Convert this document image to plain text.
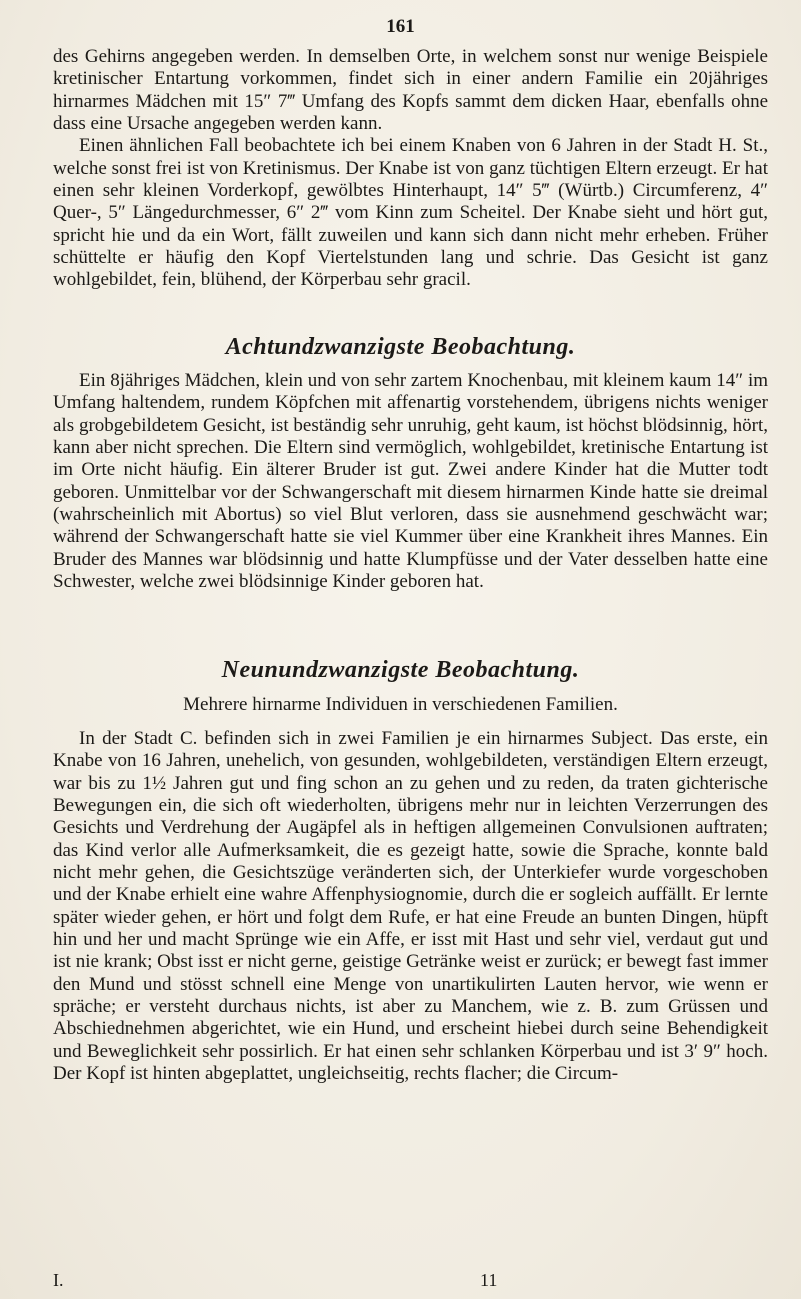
161

des Gehirns angegeben werden. In demselben Orte, in welchem sonst nur wenige Beispiele kretinischer Entartung vorkommen, findet sich in einer andern Familie ein 20jähriges hirnarmes Mädchen mit 15″ 7‴ Umfang des Kopfs sammt dem dicken Haar, ebenfalls ohne dass eine Ursache angegeben werden kann.

Einen ähnlichen Fall beobachtete ich bei einem Knaben von 6 Jahren in der Stadt H. St., welche sonst frei ist von Kretinismus. Der Knabe ist von ganz tüchtigen Eltern erzeugt. Er hat einen sehr kleinen Vorderkopf, gewölbtes Hinterhaupt, 14″ 5‴ (Würtb.) Circumferenz, 4″ Quer-, 5″ Längedurchmesser, 6″ 2‴ vom Kinn zum Scheitel. Der Knabe sieht und hört gut, spricht hie und da ein Wort, fällt zuweilen und kann sich dann nicht mehr erheben. Früher schüttelte er häufig den Kopf Viertelstunden lang und schrie. Das Gesicht ist ganz wohlgebildet, fein, blühend, der Körperbau sehr gracil.

Achtundzwanzigste Beobachtung.

Ein 8jähriges Mädchen, klein und von sehr zartem Knochenbau, mit kleinem kaum 14″ im Umfang haltendem, rundem Köpfchen mit affenartig vorstehendem, übrigens nichts weniger als grobgebildetem Gesicht, ist beständig sehr unruhig, geht kaum, ist höchst blödsinnig, hört, kann aber nicht sprechen. Die Eltern sind vermöglich, wohlgebildet, kretinische Entartung ist im Orte nicht häufig. Ein älterer Bruder ist gut. Zwei andere Kinder hat die Mutter todt geboren. Unmittelbar vor der Schwangerschaft mit diesem hirnarmen Kinde hatte sie dreimal (wahrscheinlich mit Abortus) so viel Blut verloren, dass sie ausnehmend geschwächt war; während der Schwangerschaft hatte sie viel Kummer über eine Krankheit ihres Mannes. Ein Bruder des Mannes war blödsinnig und hatte Klumpfüsse und der Vater desselben hatte eine Schwester, welche zwei blödsinnige Kinder geboren hat.

Neunundzwanzigste Beobachtung.
Mehrere hirnarme Individuen in verschiedenen Familien.

In der Stadt C. befinden sich in zwei Familien je ein hirnarmes Subject. Das erste, ein Knabe von 16 Jahren, unehelich, von gesunden, wohlgebildeten, verständigen Eltern erzeugt, war bis zu 1½ Jahren gut und fing schon an zu gehen und zu reden, da traten gichterische Bewegungen ein, die sich oft wiederholten, übrigens mehr nur in leichten Verzerrungen des Gesichts und Verdrehung der Augäpfel als in heftigen allgemeinen Convulsionen auftraten; das Kind verlor alle Aufmerksamkeit, die es gezeigt hatte, sowie die Sprache, konnte bald nicht mehr gehen, die Gesichtszüge veränderten sich, der Unterkiefer wurde vorgeschoben und der Knabe erhielt eine wahre Affenphysiognomie, durch die er sogleich auffällt. Er lernte später wieder gehen, er hört und folgt dem Rufe, er hat eine Freude an bunten Dingen, hüpft hin und her und macht Sprünge wie ein Affe, er isst mit Hast und sehr viel, verdaut gut und ist nie krank; Obst isst er nicht gerne, geistige Getränke weist er zurück; er bewegt fast immer den Mund und stösst schnell eine Menge von unartikulirten Lauten hervor, wie wenn er spräche; er versteht durchaus nichts, ist aber zu Manchem, wie z. B. zum Grüssen und Abschiednehmen abgerichtet, wie ein Hund, und erscheint hiebei durch seine Behendigkeit und Beweglichkeit sehr possirlich. Er hat einen sehr schlanken Körperbau und ist 3′ 9″ hoch. Der Kopf ist hinten abgeplattet, ungleichseitig, rechts flacher; die Circum-

I.	11
